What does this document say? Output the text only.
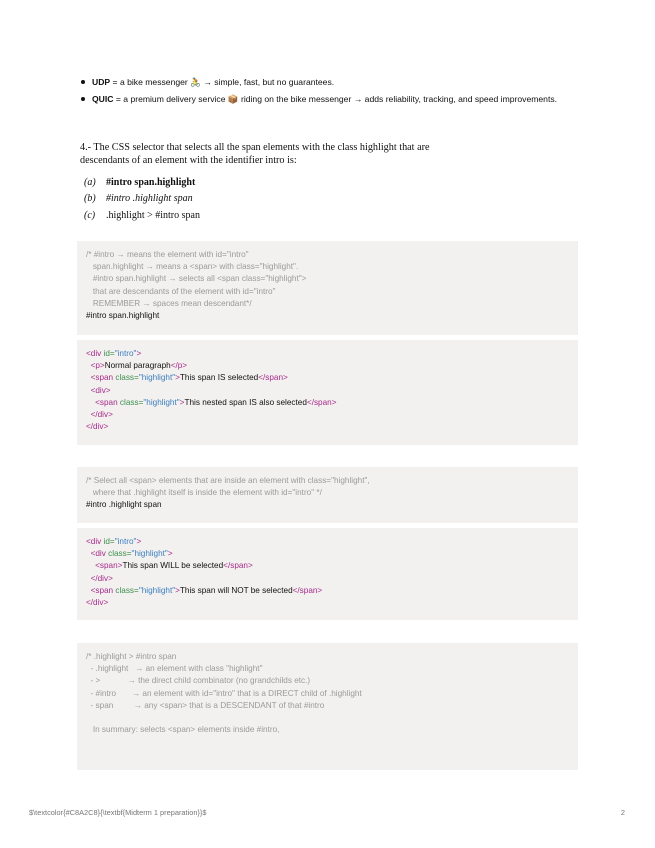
UDP = a bike messenger 🚴 → simple, fast, but no guarantees.
QUIC = a premium delivery service 📦 riding on the bike messenger → adds reliability, tracking, and speed improvements.
4.- The CSS selector that selects all the span elements with the class highlight that are descendants of an element with the identifier intro is:
(a)	#intro span.highlight
(b)	#intro .highlight span
(c)	.highlight > #intro span
/* #intro → means the element with id="intro"
span.highlight → means a <span> with class="highlight".
#intro span.highlight → selects all <span class="highlight">
that are descendants of the element with id="intro"
REMEMBER → spaces mean descendant*/
#intro span.highlight
<div id="intro">
<p>Normal paragraph</p>
<span class="highlight">This span IS selected</span>
<div>
<span class="highlight">This nested span IS also selected</span>
</div>
</div>
/* Select all <span> elements that are inside an element with class="highlight",
where that .highlight itself is inside the element with id="intro" */
#intro .highlight span
<div id="intro">
<div class="highlight">
<span>This span WILL be selected</span>
</div>
<span class="highlight">This span will NOT be selected</span>
</div>
/* .highlight > #intro span
- .highlight   → an element with class "highlight"
- >            → the direct child combinator (no grandchilds etc.)
- #intro       → an element with id="intro" that is a DIRECT child of .highlight
- span         → any <span> that is a DESCENDANT of that #intro

In summary: selects <span> elements inside #intro,
$\textcolor{#C8A2C8}{\textbf{Midterm 1 preparation}}$	2
